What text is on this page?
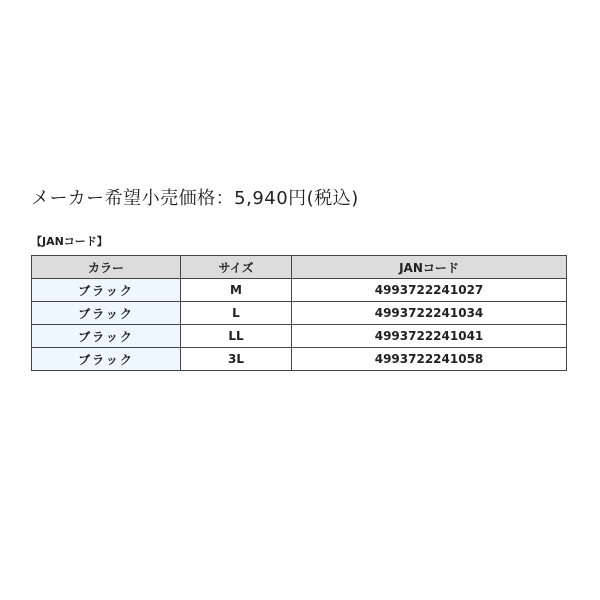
メーカー希望小売価格：5,940円(税込)
【JANコード】
カラー	サイズ	JANコード
ブラック	M	4993722241027
ブラック	L	4993722241034
ブラック	LL	4993722241041
ブラック	3L	4993722241058
